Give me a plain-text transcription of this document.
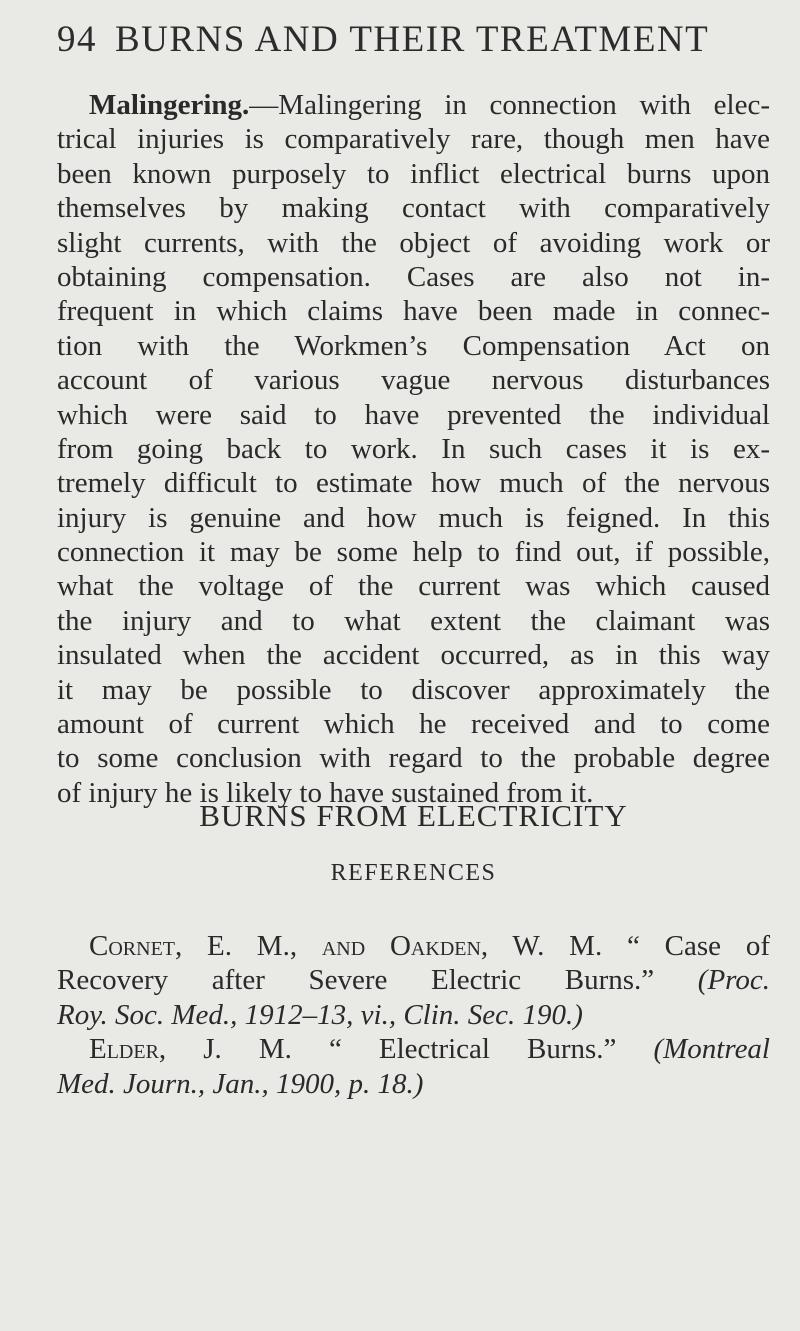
94 BURNS AND THEIR TREATMENT
Malingering.—Malingering in connection with elec-
trical injuries is comparatively rare, though men have
been known purposely to inflict electrical burns upon
themselves by making contact with comparatively
slight currents, with the object of avoiding work or
obtaining compensation. Cases are also not in-
frequent in which claims have been made in connec-
tion with the Workmen’s Compensation Act on
account of various vague nervous disturbances
which were said to have prevented the individual
from going back to work. In such cases it is ex-
tremely difficult to estimate how much of the nervous
injury is genuine and how much is feigned. In this
connection it may be some help to find out, if possible,
what the voltage of the current was which caused
the injury and to what extent the claimant was
insulated when the accident occurred, as in this way
it may be possible to discover approximately the
amount of current which he received and to come
to some conclusion with regard to the probable degree
of injury he is likely to have sustained from it.
BURNS FROM ELECTRICITY
REFERENCES
Cornet, E. M., and Oakden, W. M. “ Case of
Recovery after Severe Electric Burns.” (Proc.
Roy. Soc. Med., 1912–13, vi., Clin. Sec. 190.)
Elder, J. M. “ Electrical Burns.” (Montreal
Med. Journ., Jan., 1900, p. 18.)
